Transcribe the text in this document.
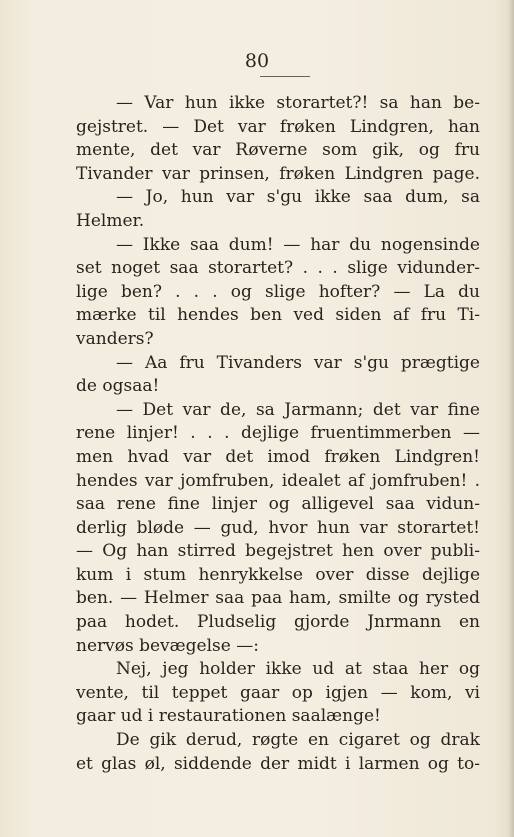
80
— Var hun ikke storartet?! sa han be-
gejstret. — Det var frøken Lindgren, han
mente, det var Røverne som gik, og fru
Tivander var prinsen, frøken Lindgren page.
— Jo, hun var s'gu ikke saa dum, sa
Helmer.
— Ikke saa dum! — har du nogensinde
set noget saa storartet? . . . slige vidunder-
lige ben? . . . og slige hofter? — La du
mærke til hendes ben ved siden af fru Ti-
vanders?
— Aa fru Tivanders var s'gu prægtige
de ogsaa!
— Det var de, sa Jarmann; det var fine
rene linjer! . . . dejlige fruentimmerben —
men hvad var det imod frøken Lindgren!
hendes var jomfruben, idealet af jomfruben! .
saa rene fine linjer og alligevel saa vidun-
derlig bløde — gud, hvor hun var storartet!
— Og han stirred begejstret hen over publi-
kum i stum henrykkelse over disse dejlige
ben. — Helmer saa paa ham, smilte og rysted
paa hodet. Pludselig gjorde Jnrmann en
nervøs bevægelse —:
Nej, jeg holder ikke ud at staa her og
vente, til teppet gaar op igjen — kom, vi
gaar ud i restaurationen saalænge!
De gik derud, røgte en cigaret og drak
et glas øl, siddende der midt i larmen og to-
